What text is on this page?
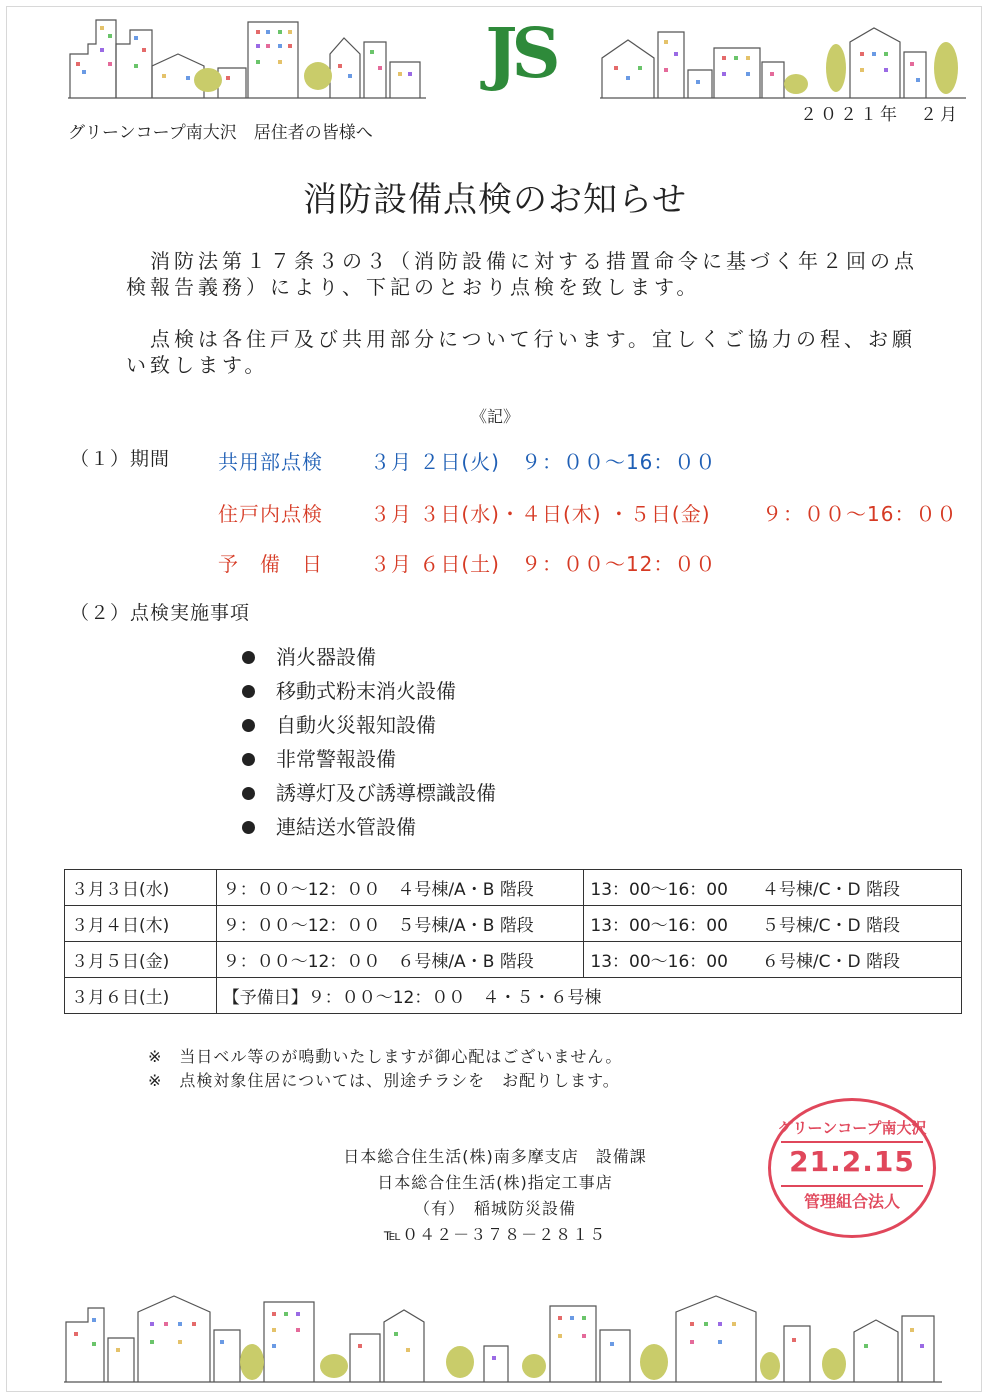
JS
２０２１年　２月
グリーンコープ南大沢　居住者の皆様へ
消防設備点検のお知らせ
　消防法第１７条３の３（消防設備に対する措置命令に基づく年２回の点検報告義務）により、下記のとおり点検を致します。
　点検は各住戸及び共用部分について行います。宜しくご協力の程、お願い致します。
《記》
（１）期間 共用部点検 ３月 ２日(火)　９：００～16：００
住戸内点検 ３月 ３日(水)・４日(木) ・５日(金)	９：００～16：００
予　備　日 ３月 ６日(土)　９：００～12：００
（２）点検実施事項
消火器設備
移動式粉末消火設備
自動火災報知設備
非常警報設備
誘導灯及び誘導標識設備
連結送水管設備
３月３日(水)	９：００～12：００　４号棟/A・B 階段	13：00～16：00　　４号棟/C・D 階段
３月４日(木)	９：００～12：００　５号棟/A・B 階段	13：00～16：00　　５号棟/C・D 階段
３月５日(金)	９：００～12：００　６号棟/A・B 階段	13：00～16：00　　６号棟/C・D 階段
３月６日(土)	【予備日】９：００～12：００　４・５・６号棟	
※　当日ベル等のが鳴動いたしますが御心配はございません。
※　点検対象住居については、別途チラシを　お配りします。
日本総合住生活(株)南多摩支店　設備課
日本総合住生活(株)指定工事店
（有）　稲城防災設備
℡０４２－３７８－２８１５
グリーンコープ南大沢
21.2.15
管理組合法人
